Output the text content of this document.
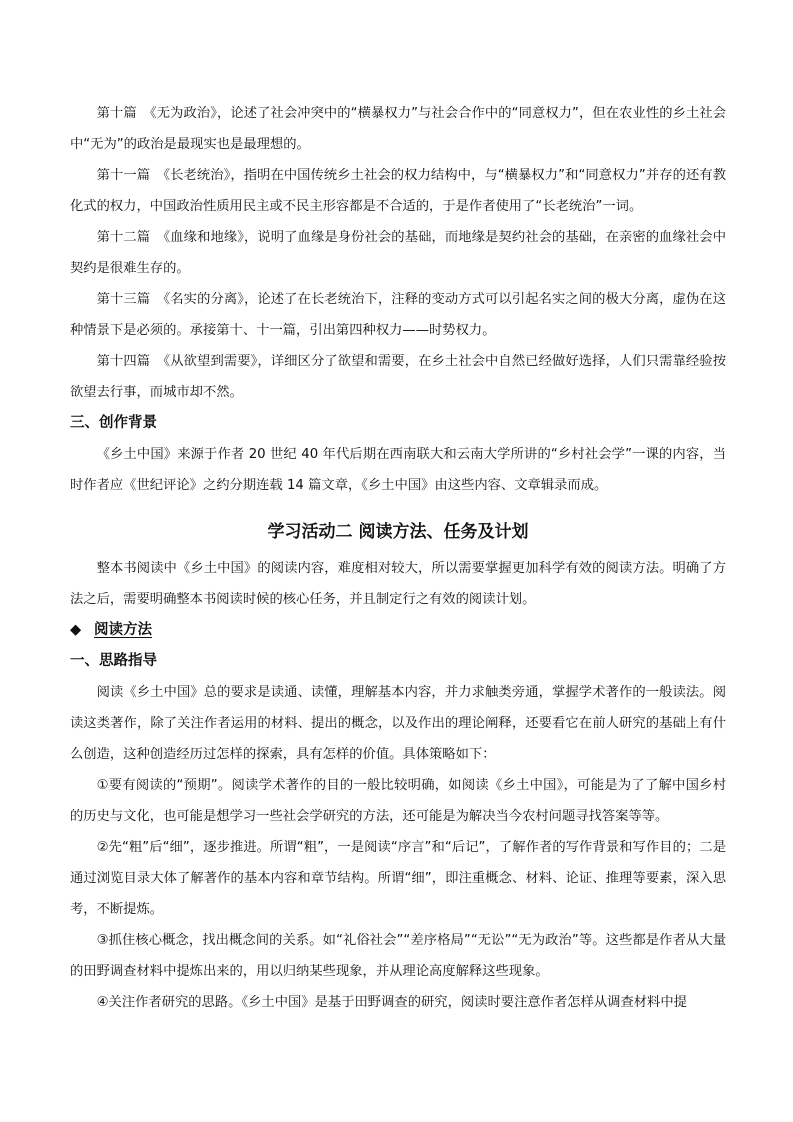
第十篇　《无为政治》，论述了社会冲突中的“横暴权力”与社会合作中的“同意权力”，但在农业性的乡土社会中“无为”的政治是最现实也是最理想的。

第十一篇　《长老统治》，指明在中国传统乡土社会的权力结构中，与“横暴权力”和“同意权力”并存的还有教化式的权力，中国政治性质用民主或不民主形容都是不合适的，于是作者使用了“长老统治”一词。

第十二篇　《血缘和地缘》，说明了血缘是身份社会的基础，而地缘是契约社会的基础，在亲密的血缘社会中契约是很难生存的。

第十三篇　《名实的分离》，论述了在长老统治下，注释的变动方式可以引起名实之间的极大分离，虚伪在这种情景下是必须的。承接第十、十一篇，引出第四种权力——时势权力。

第十四篇　《从欲望到需要》，详细区分了欲望和需要，在乡土社会中自然已经做好选择，人们只需靠经验按欲望去行事，而城市却不然。

三、创作背景

《乡土中国》来源于作者 20 世纪 40 年代后期在西南联大和云南大学所讲的“乡村社会学”一课的内容，当时作者应《世纪评论》之约分期连载 14 篇文章，《乡土中国》由这些内容、文章辑录而成。

学习活动二 阅读方法、任务及计划

整本书阅读中《乡土中国》的阅读内容，难度相对较大，所以需要掌握更加科学有效的阅读方法。明确了方法之后，需要明确整本书阅读时候的核心任务，并且制定行之有效的阅读计划。

◆ 阅读方法
一、思路指导

阅读《乡土中国》总的要求是读通、读懂，理解基本内容，并力求触类旁通，掌握学术著作的一般读法。阅读这类著作，除了关注作者运用的材料、提出的概念，以及作出的理论阐释，还要看它在前人研究的基础上有什么创造，这种创造经历过怎样的探索，具有怎样的价值。具体策略如下：

①要有阅读的“预期”。阅读学术著作的目的一般比较明确，如阅读《乡土中国》，可能是为了了解中国乡村的历史与文化，也可能是想学习一些社会学研究的方法，还可能是为解决当今农村问题寻找答案等等。

②先“粗”后“细”，逐步推进。所谓“粗”，一是阅读“序言”和“后记”，了解作者的写作背景和写作目的；二是通过浏览目录大体了解著作的基本内容和章节结构。所谓“细”，即注重概念、材料、论证、推理等要素，深入思考，不断提炼。

③抓住核心概念，找出概念间的关系。如“礼俗社会”“差序格局”“无讼”“无为政治”等。这些都是作者从大量的田野调查材料中提炼出来的，用以归纳某些现象，并从理论高度解释这些现象。

④关注作者研究的思路。《乡土中国》是基于田野调查的研究，阅读时要注意作者怎样从调查材料中提
